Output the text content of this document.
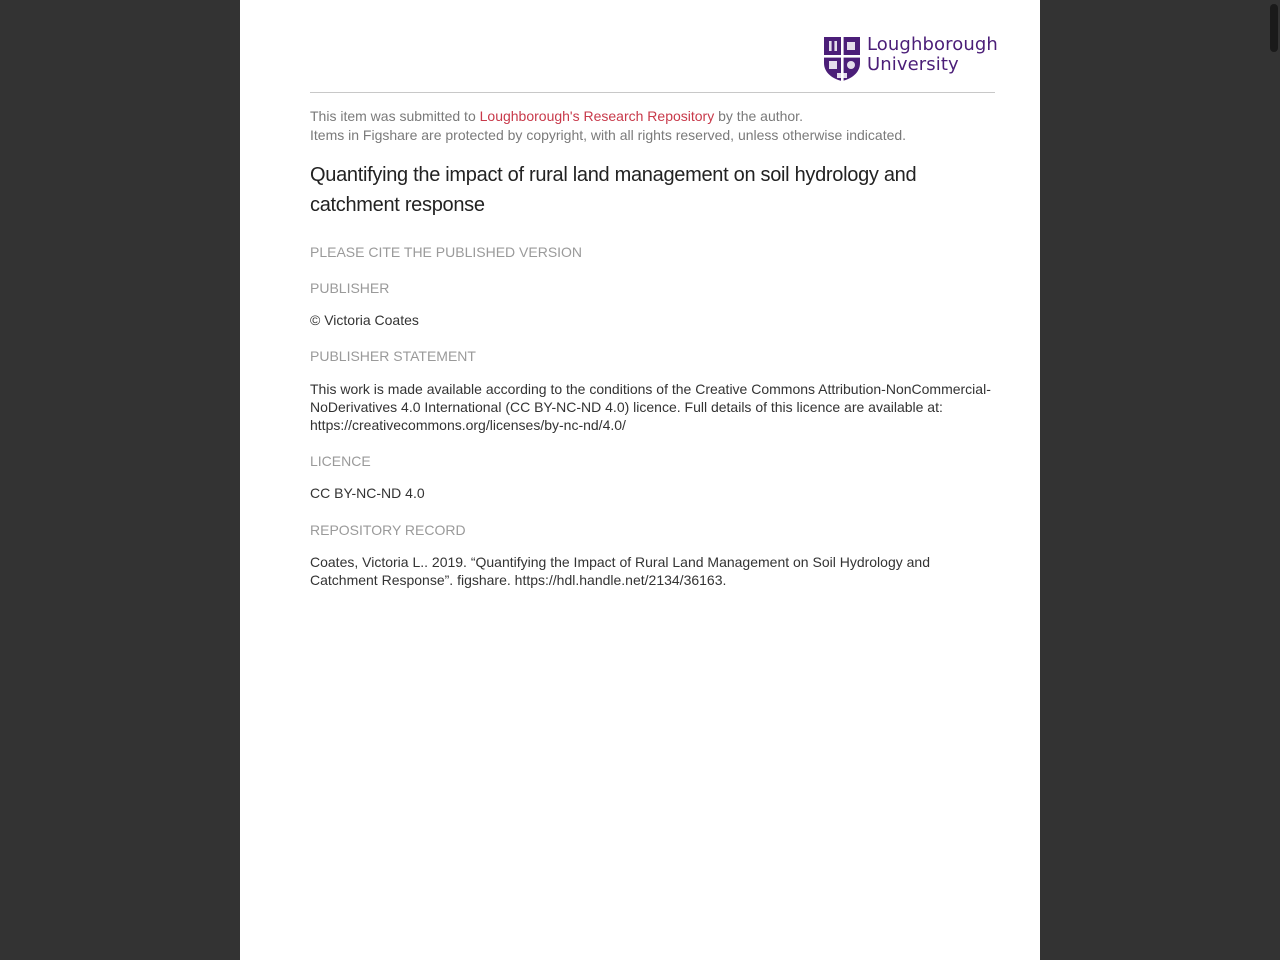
Loughborough
University
This item was submitted to Loughborough's Research Repository by the author.
Items in Figshare are protected by copyright, with all rights reserved, unless otherwise indicated.
Quantifying the impact of rural land management on soil hydrology and catchment response
PLEASE CITE THE PUBLISHED VERSION
PUBLISHER
© Victoria Coates
PUBLISHER STATEMENT
This work is made available according to the conditions of the Creative Commons Attribution-NonCommercial-NoDerivatives 4.0 International (CC BY-NC-ND 4.0) licence. Full details of this licence are available at: https://creativecommons.org/licenses/by-nc-nd/4.0/
LICENCE
CC BY-NC-ND 4.0
REPOSITORY RECORD
Coates, Victoria L.. 2019. “Quantifying the Impact of Rural Land Management on Soil Hydrology and Catchment Response”. figshare. https://hdl.handle.net/2134/36163.
